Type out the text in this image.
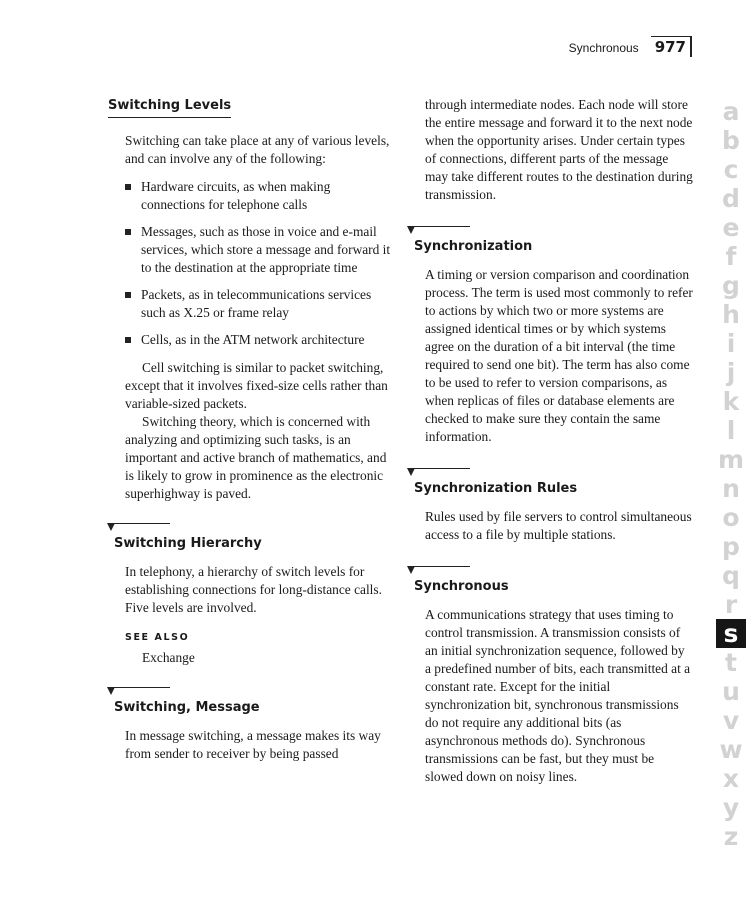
Synchronous 977
Switching Levels

Switching can take place at any of various levels, and can involve any of the following:

Hardware circuits, as when making connections for telephone calls
Messages, such as those in voice and e-mail services, which store a message and forward it to the destination at the appropriate time
Packets, as in telecommunications services such as X.25 or frame relay
Cells, as in the ATM network architecture

Cell switching is similar to packet switching, except that it involves fixed-size cells rather than variable-sized packets.

Switching theory, which is concerned with analyzing and optimizing such tasks, is an important and active branch of mathematics, and is likely to grow in prominence as the electronic superhighway is paved.

Switching Hierarchy

In telephony, a hierarchy of switch levels for establishing connections for long-distance calls. Five levels are involved.

SEE ALSO
Exchange
Switching, Message

In message switching, a message makes its way from sender to receiver by being passed

through intermediate nodes. Each node will store the entire message and forward it to the next node when the opportunity arises. Under certain types of connections, different parts of the message may take different routes to the destination during transmission.

Synchronization

A timing or version comparison and coordination process. The term is used most commonly to refer to actions by which two or more systems are assigned identical times or by which systems agree on the duration of a bit interval (the time required to send one bit). The term has also come to be used to refer to version comparisons, as when replicas of files or database elements are checked to make sure they contain the same information.

Synchronization Rules

Rules used by file servers to control simultaneous access to a file by multiple stations.

Synchronous

A communications strategy that uses timing to control transmission. A transmission consists of an initial synchronization sequence, followed by a predefined number of bits, each transmitted at a constant rate. Except for the initial synchronization bit, synchronous transmissions do not require any additional bits (as asynchronous methods do). Synchronous transmissions can be fast, but they must be slowed down on noisy lines.

a
b
c
d
e
f
g
h
i
j
k
l
m
n
o
p
q
r
s
t
u
v
w
x
y
z
